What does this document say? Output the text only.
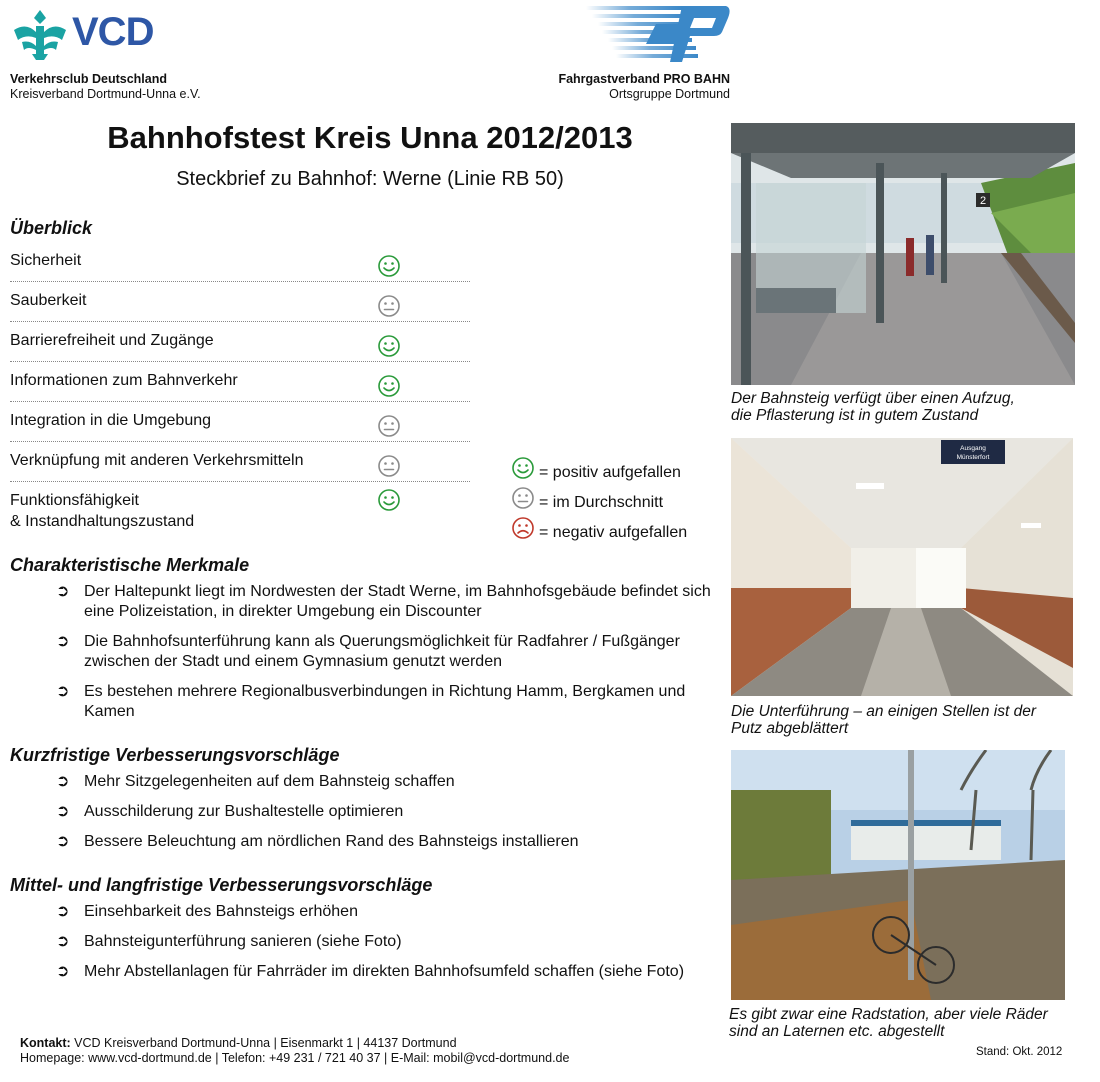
VCD
Verkehrsclub Deutschland
Kreisverband Dortmund-Unna e.V.
Fahrgastverband PRO BAHN
Ortsgruppe Dortmund
Bahnhofstest Kreis Unna 2012/2013
Steckbrief zu Bahnhof: Werne (Linie RB 50)
Überblick
Sicherheit
Sauberkeit
Barrierefreiheit und Zugänge
Informationen zum Bahnverkehr
Integration in die Umgebung
Verknüpfung mit anderen Verkehrsmitteln
Funktionsfähigkeit
& Instandhaltungszustand
= positiv aufgefallen
= im Durchschnitt
= negativ aufgefallen
Charakteristische Merkmale
➲ Der Haltepunkt liegt im Nordwesten der Stadt Werne, im Bahnhofsgebäude befindet sich eine Polizeistation, in direkter Umgebung ein Discounter
➲ Die Bahnhofsunterführung kann als Querungsmöglichkeit für Radfahrer / Fußgänger zwischen der Stadt und einem Gymnasium genutzt werden
➲ Es bestehen mehrere Regionalbusverbindungen in Richtung Hamm, Bergkamen und Kamen
Kurzfristige Verbesserungsvorschläge
➲ Mehr Sitzgelegenheiten auf dem Bahnsteig schaffen
➲ Ausschilderung zur Bushaltestelle optimieren
➲ Bessere Beleuchtung am nördlichen Rand des Bahnsteigs installieren
Mittel- und langfristige Verbesserungsvorschläge
➲ Einsehbarkeit des Bahnsteigs erhöhen
➲ Bahnsteigunterführung sanieren (siehe Foto)
➲ Mehr Abstellanlagen für Fahrräder im direkten Bahnhofsumfeld schaffen (siehe Foto)
2
Der Bahnsteig verfügt über einen Aufzug,
die Pflasterung ist in gutem Zustand
Ausgang
Münsterfort
Die Unterführung – an einigen Stellen ist der
Putz abgeblättert
Es gibt zwar eine Radstation, aber viele Räder
sind an Laternen etc. abgestellt
Kontakt: VCD Kreisverband Dortmund-Unna | Eisenmarkt 1 | 44137 Dortmund
Homepage: www.vcd-dortmund.de | Telefon: +49 231 / 721 40 37 | E-Mail: mobil@vcd-dortmund.de	Stand: Okt. 2012
